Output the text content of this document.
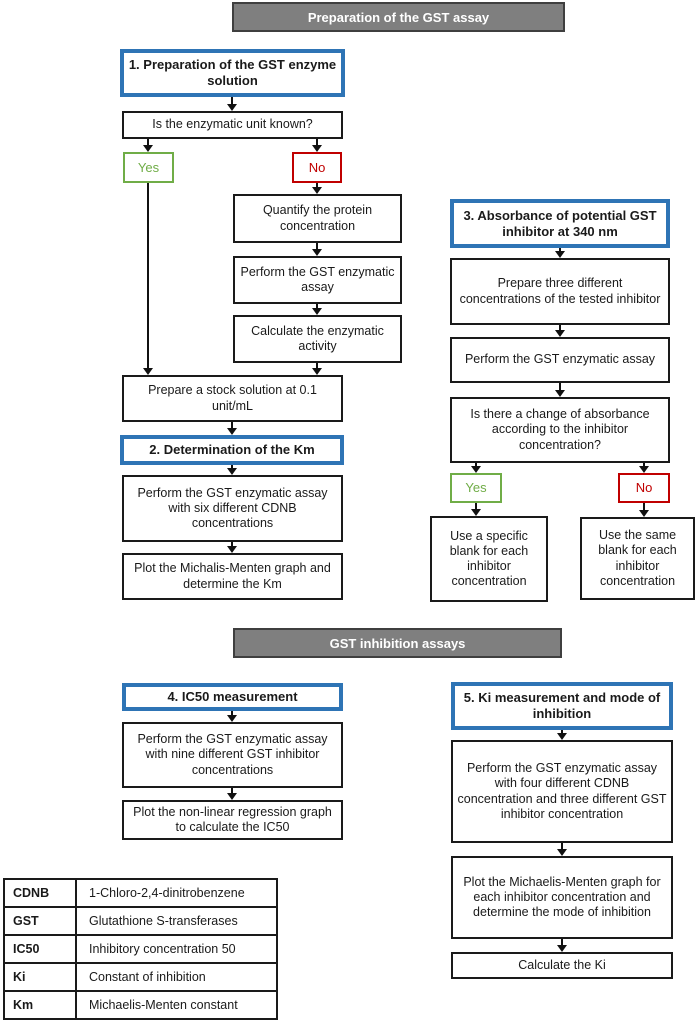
Preparation of the GST assay
GST inhibition assays
1. Preparation of the GST enzyme solution
Is the enzymatic unit known?
Yes	No
Quantify the protein concentration
Perform the GST enzymatic assay
Calculate the enzymatic activity
Prepare a stock solution at 0.1 unit/mL
2. Determination of the Km
Perform the GST enzymatic assay with six different CDNB concentrations
Plot the Michalis-Menten graph and determine the Km
3. Absorbance of potential GST inhibitor at 340 nm
Prepare three different concentrations of the tested inhibitor
Perform the GST enzymatic assay
Is there a change of absorbance according to the inhibitor concentration?
Yes	No
Use a specific blank for each inhibitor concentration
Use the same blank for each inhibitor concentration
4. IC50 measurement
Perform the GST enzymatic assay with nine different GST inhibitor concentrations
Plot the non-linear regression graph to calculate the IC50
5. Ki measurement and mode of inhibition
Perform the GST enzymatic assay with four different CDNB concentration and three different GST inhibitor concentration
Plot the Michaelis-Menten graph for each inhibitor concentration and determine the mode of inhibition
Calculate the Ki
CDNB	1-Chloro-2,4-dinitrobenzene
GST	Glutathione S-transferases
IC50	Inhibitory concentration 50
Ki	Constant of inhibition
Km	Michaelis-Menten constant
